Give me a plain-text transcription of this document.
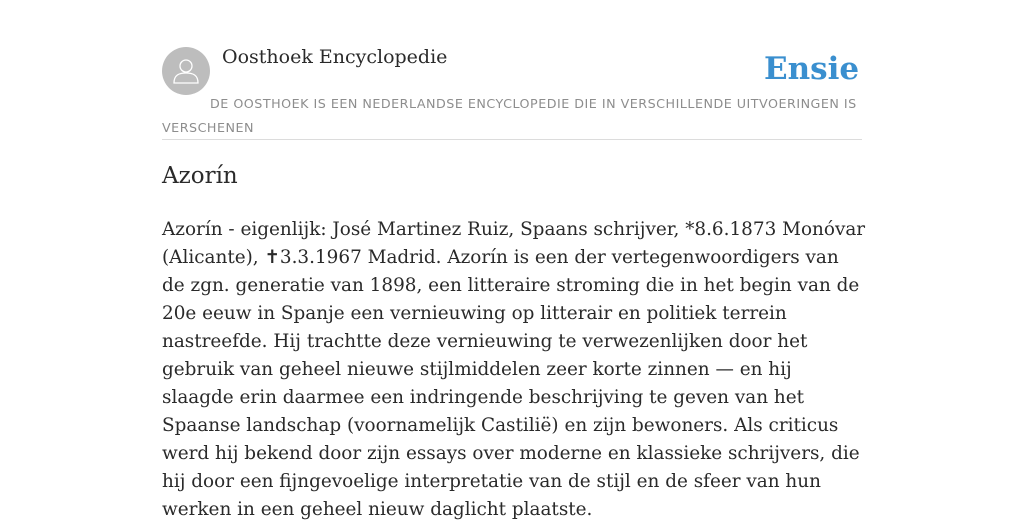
Oosthoek Encyclopedie	Ensie

DE OOSTHOEK IS EEN NEDERLANDSE ENCYCLOPEDIE DIE IN VERSCHILLENDE UITVOERINGEN IS VERSCHENEN

Azorín

Azorín - eigenlijk: José Martinez Ruiz, Spaans schrijver, *8.6.1873 Monóvar (Alicante), ✝3.3.1967 Madrid. Azorín is een der vertegenwoordigers van de zgn. generatie van 1898, een litteraire stroming die in het begin van de 20e eeuw in Spanje een vernieuwing op litterair en politiek terrein nastreefde. Hij trachtte deze vernieuwing te verwezenlijken door het gebruik van geheel nieuwe stijlmiddelen zeer korte zinnen — en hij slaagde erin daarmee een indringende beschrijving te geven van het Spaanse landschap (voornamelijk Castilië) en zijn bewoners. Als criticus werd hij bekend door zijn essays over moderne en klassieke schrijvers, die hij door een fijngevoelige interpretatie van de stijl en de sfeer van hun werken in een geheel nieuw daglicht plaatste.
